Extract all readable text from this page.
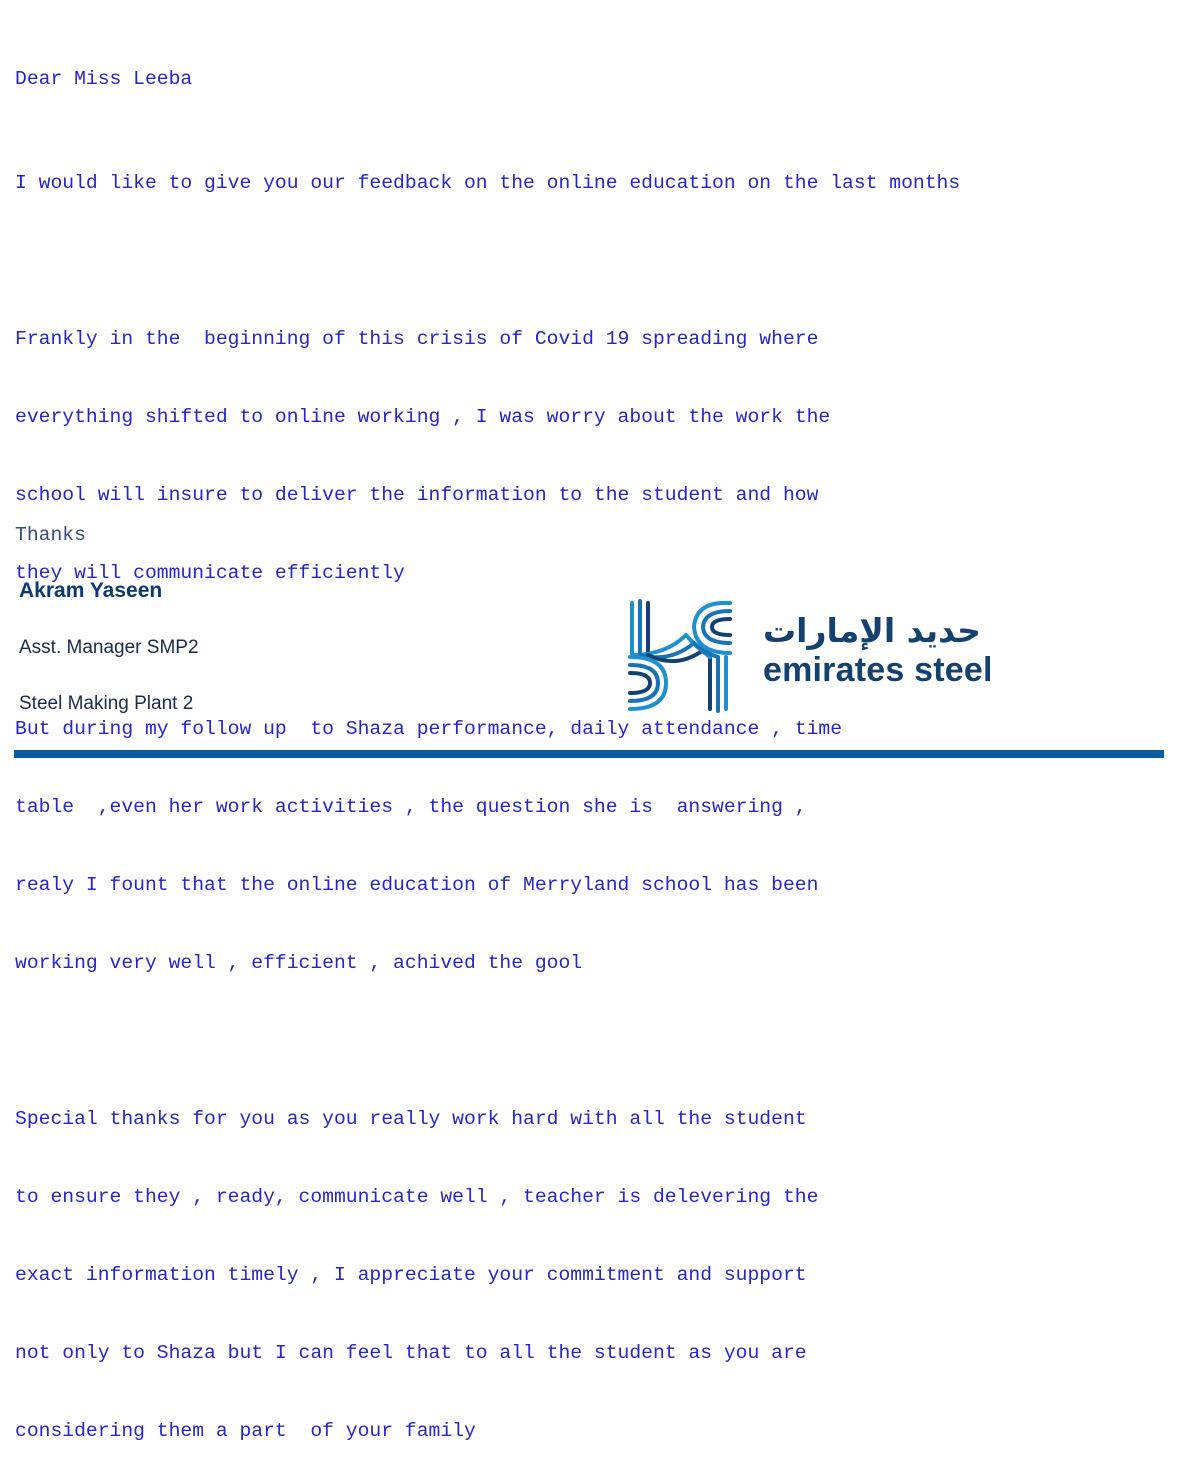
Dear Miss Leeba

I would like to give you our feedback on the online education on the last months

Frankly in the  beginning of this crisis of Covid 19 spreading where

everything shifted to online working , I was worry about the work the

school will insure to deliver the information to the student and how

they will communicate efficiently

But during my follow up  to Shaza performance, daily attendance , time

table  ,even her work activities , the question she is  answering ,

realy I fount that the online education of Merryland school has been

working very well , efficient , achived the gool

Special thanks for you as you really work hard with all the student

to ensure they , ready, communicate well , teacher is delevering the

exact information timely , I appreciate your commitment and support

not only to Shaza but I can feel that to all the student as you are

considering them a part  of your family

Thanks
Akram Yaseen
Asst. Manager SMP2
Steel Making Plant 2
حديد الإمارات
emirates steel
